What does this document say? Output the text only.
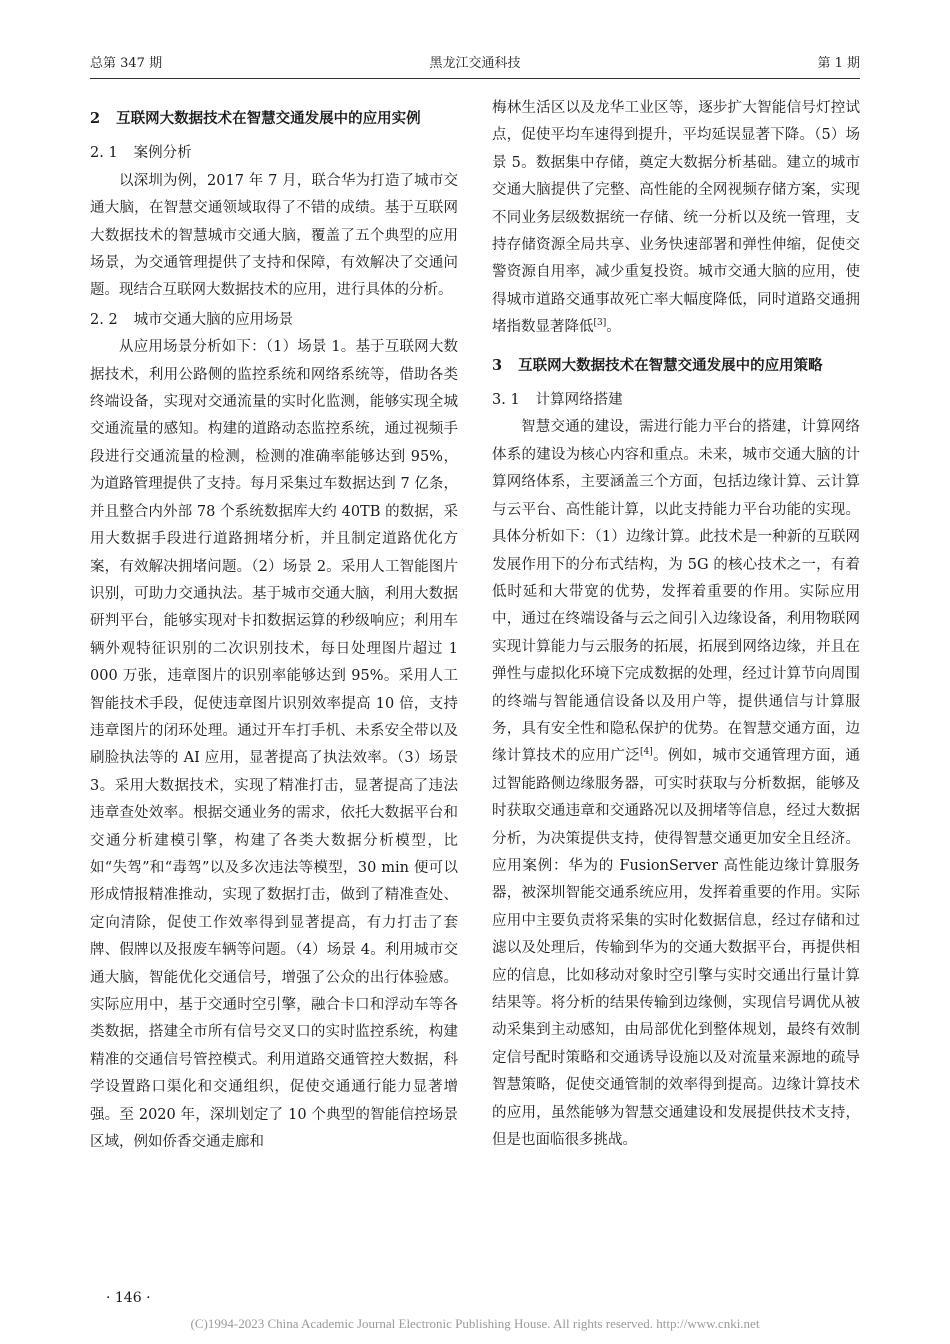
总第 347 期	黑龙江交通科技	第 1 期
2 互联网大数据技术在智慧交通发展中的应用实例
2. 1 案例分析

以深圳为例，2017 年 7 月，联合华为打造了城市交通大脑，在智慧交通领域取得了不错的成绩。基于互联网大数据技术的智慧城市交通大脑，覆盖了五个典型的应用场景，为交通管理提供了支持和保障，有效解决了交通问题。现结合互联网大数据技术的应用，进行具体的分析。

2. 2 城市交通大脑的应用场景

从应用场景分析如下：（1）场景 1。基于互联网大数据技术，利用公路侧的监控系统和网络系统等，借助各类终端设备，实现对交通流量的实时化监测，能够实现全城交通流量的感知。构建的道路动态监控系统，通过视频手段进行交通流量的检测，检测的准确率能够达到 95%，为道路管理提供了支持。每月采集过车数据达到 7 亿条，并且整合内外部 78 个系统数据库大约 40TB 的数据，采用大数据手段进行道路拥堵分析，并且制定道路优化方案，有效解决拥堵问题。（2）场景 2。采用人工智能图片识别，可助力交通执法。基于城市交通大脑，利用大数据研判平台，能够实现对卡扣数据运算的秒级响应；利用车辆外观特征识别的二次识别技术，每日处理图片超过 1 000 万张，违章图片的识别率能够达到 95%。采用人工智能技术手段，促使违章图片识别效率提高 10 倍，支持违章图片的闭环处理。通过开车打手机、未系安全带以及刷脸执法等的 AI 应用，显著提高了执法效率。（3）场景3。采用大数据技术，实现了精准打击，显著提高了违法违章查处效率。根据交通业务的需求，依托大数据平台和交通分析建模引擎，构建了各类大数据分析模型，比如“失驾”和“毒驾”以及多次违法等模型，30 min 便可以形成情报精准推动，实现了数据打击，做到了精准查处、定向清除，促使工作效率得到显著提高，有力打击了套牌、假牌以及报废车辆等问题。（4）场景 4。利用城市交通大脑，智能优化交通信号，增强了公众的出行体验感。实际应用中，基于交通时空引擎，融合卡口和浮动车等各类数据，搭建全市所有信号交叉口的实时监控系统，构建精准的交通信号管控模式。利用道路交通管控大数据，科学设置路口渠化和交通组织，促使交通通行能力显著增强。至 2020 年，深圳划定了 10 个典型的智能信控场景区域，例如侨香交通走廊和

梅林生活区以及龙华工业区等，逐步扩大智能信号灯控试点，促使平均车速得到提升，平均延误显著下降。（5）场景 5。数据集中存储，奠定大数据分析基础。建立的城市交通大脑提供了完整、高性能的全网视频存储方案，实现不同业务层级数据统一存储、统一分析以及统一管理，支持存储资源全局共享、业务快速部署和弹性伸缩，促使交警资源自用率，减少重复投资。城市交通大脑的应用，使得城市道路交通事故死亡率大幅度降低，同时道路交通拥堵指数显著降低[3]。

3 互联网大数据技术在智慧交通发展中的应用策略
3. 1 计算网络搭建

智慧交通的建设，需进行能力平台的搭建，计算网络体系的建设为核心内容和重点。未来，城市交通大脑的计算网络体系，主要涵盖三个方面，包括边缘计算、云计算与云平台、高性能计算，以此支持能力平台功能的实现。具体分析如下：（1）边缘计算。此技术是一种新的互联网发展作用下的分布式结构，为 5G 的核心技术之一，有着低时延和大带宽的优势，发挥着重要的作用。实际应用中，通过在终端设备与云之间引入边缘设备，利用物联网实现计算能力与云服务的拓展，拓展到网络边缘，并且在弹性与虚拟化环境下完成数据的处理，经过计算节向周围的终端与智能通信设备以及用户等，提供通信与计算服务，具有安全性和隐私保护的优势。在智慧交通方面，边缘计算技术的应用广泛[4]。例如，城市交通管理方面，通过智能路侧边缘服务器，可实时获取与分析数据，能够及时获取交通违章和交通路况以及拥堵等信息，经过大数据分析，为决策提供支持，使得智慧交通更加安全且经济。应用案例：华为的 FusionServer 高性能边缘计算服务器，被深圳智能交通系统应用，发挥着重要的作用。实际应用中主要负责将采集的实时化数据信息，经过存储和过滤以及处理后，传输到华为的交通大数据平台，再提供相应的信息，比如移动对象时空引擎与实时交通出行量计算结果等。将分析的结果传输到边缘侧，实现信号调优从被动采集到主动感知，由局部优化到整体规划，最终有效制定信号配时策略和交通诱导设施以及对流量来源地的疏导智慧策略，促使交通管制的效率得到提高。边缘计算技术的应用，虽然能够为智慧交通建设和发展提供技术支持，但是也面临很多挑战。

· 146 ·
(C)1994-2023 China Academic Journal Electronic Publishing House. All rights reserved. http://www.cnki.net
